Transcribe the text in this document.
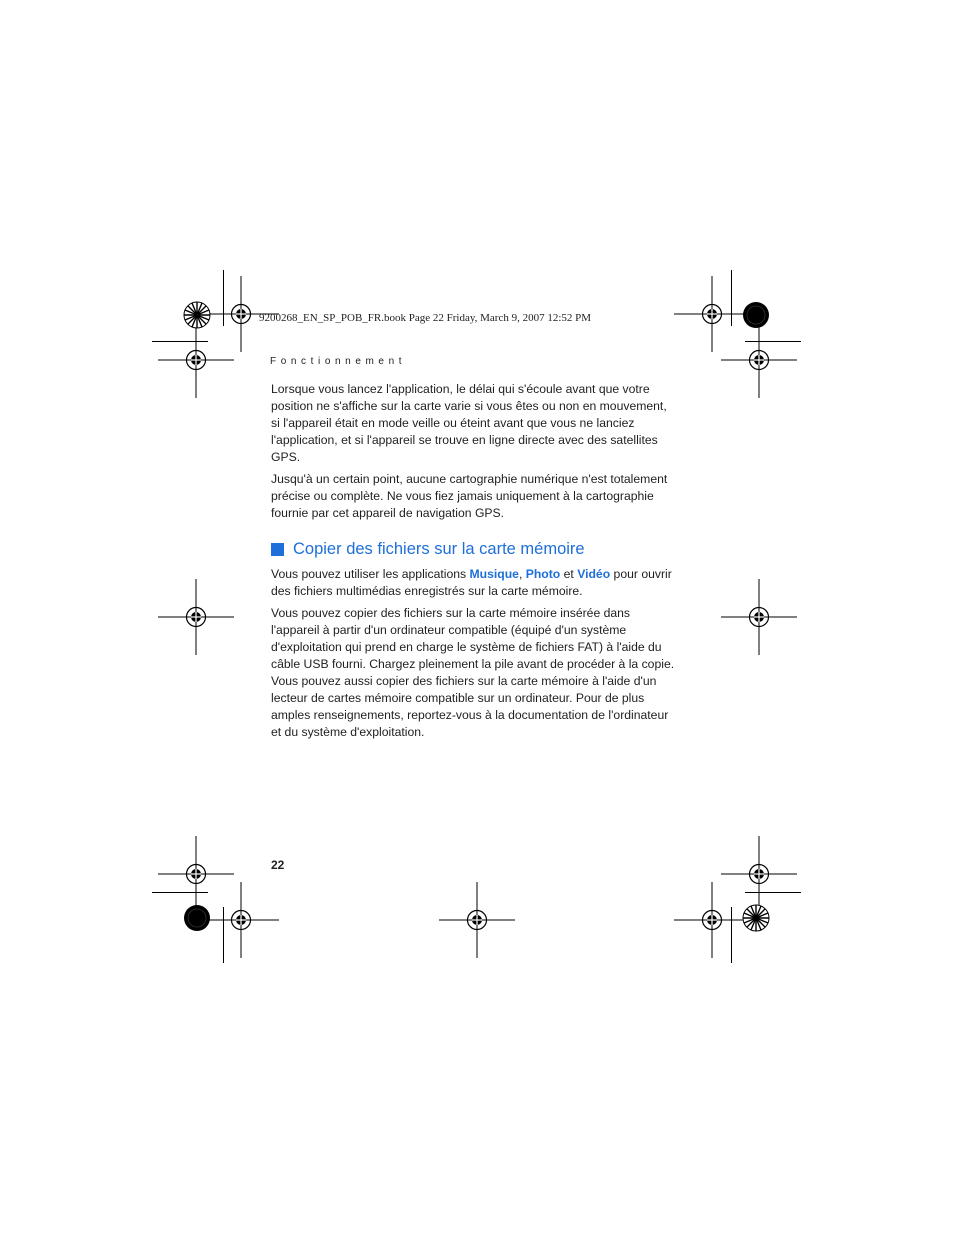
9200268_EN_SP_POB_FR.book Page 22 Friday, March 9, 2007 12:52 PM
Fonctionnement

Lorsque vous lancez l'application, le délai qui s'écoule avant que votre position ne s'affiche sur la carte varie si vous êtes ou non en mouvement, si l'appareil était en mode veille ou éteint avant que vous ne lanciez l'application, et si l'appareil se trouve en ligne directe avec des satellites GPS.

Jusqu'à un certain point, aucune cartographie numérique n'est totalement précise ou complète. Ne vous fiez jamais uniquement à la cartographie fournie par cet appareil de navigation GPS.

Copier des fichiers sur la carte mémoire

Vous pouvez utiliser les applications Musique, Photo et Vidéo pour ouvrir des fichiers multimédias enregistrés sur la carte mémoire.

Vous pouvez copier des fichiers sur la carte mémoire insérée dans l'appareil à partir d'un ordinateur compatible (équipé d'un système d'exploitation qui prend en charge le système de fichiers FAT) à l'aide du câble USB fourni. Chargez pleinement la pile avant de procéder à la copie. Vous pouvez aussi copier des fichiers sur la carte mémoire à l'aide d'un lecteur de cartes mémoire compatible sur un ordinateur. Pour de plus amples renseignements, reportez-vous à la documentation de l'ordinateur et du système d'exploitation.

22
